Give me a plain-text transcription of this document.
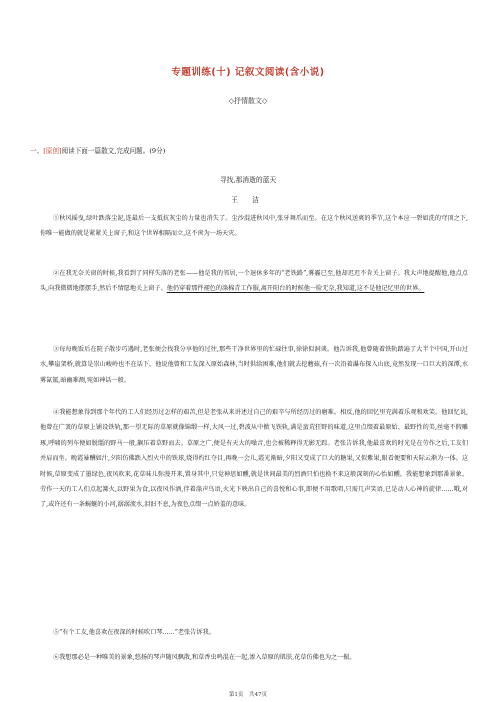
专题训练(十) 记叙文阅读(含小说)
◇抒情散文◇
一、[原创]阅读下面一篇散文,完成问题。(9分)
寻找,那消逝的蓝天
王 洁

①秋风摇曳,绿叶跌落尘泥,连最后一支抵抗灰尘的力量也消失了。尘沙混进秋风中,张牙舞爪而至。在这个秋风送爽的季节,这个本应一碧如洗的穹顶之下,你唯一能做的就是紧紧关上窗子,和这个世界相隔而立,这不啻为一场天灾。

②在我无奈关窗的时候,我看到了同样失落的老张——他是我的邻居,一个退休多年的“老铁路”,雾霾已至,他却迟迟不肯关上窗子。我大声地提醒他,他点点头,向我微微地摆摆手,然后不情愿地关上窗子。他仍穿着那件褪色的涤棉青工作服,离开阳台的时候他一脸无奈,我知道,这不是他记忆里的世界。

③每每晚饭后在院子散步巧遇时,老张便会找我分享他的过往,那些干净世界里的忙碌往事,徐徐似洞谈。他告诉我,他曾随着铁轨踏遍了大半个中国,开山过水,攀崖架桥,就算是崇山峻岭也不在话下。他说他曾和工友深入原始森林,当时供给困难,他们就去挖蘑菇,有一次沿着瀑布探入山底,竟然发现一口巨大的深潭,水雾氤氲,暗幽难测,宛如神话一般。

④我能想象得到那个年代的工人们经历过怎样的艰苦,但是老张从来讲述过自己的艰辛与所经历过的磨难。相反,他的回忆里充满着乐观和欢笑。他回忆说,他曾在广袤的草原上铺设铁轨,那一望无际的草原就像锦缎一样,大风一过,碧波从中掀飞铁轨,满是蛮荒狂野的味道,这里点缀着最原始、最野性的美,丝毫不假雕琢,呼啸的列车便如脱缰的野马一般,飙压着草野而去。草原之广,便是有天大的噪音,也会被稀释得无影无踪。老张告诉我,他最喜欢的时光是在劳作之后,工友们并肩而坐。晚霞暴酬如汁,夕阳仿佛跌入烈火中的铁球,烧得灼红夺目,再晚一会儿,霞光渐暗,夕阳又变成了巨大的糖果,又似紫果,眼看便要和天际云渐为一体。这时候,草原变成了墨绿色,夜风吹来,花草味儿弥漫开来,置身其中,只觉神思如醺,就是世间最美的烈酒只怕也换不来这般深刻的心怡如醺。我能想象到那番景象。劳作一天的工人们点起篝火,以野果为食,以夜风作酒,伴着涤声鸟语,火光下映出自己的喜悦和心事,即便不用歌唱,只需几声笑语,已是动人心神的旋律……哦,对了,或许还有一条蜿蜒的小河,潺潺流水,泪汩不息,为夜色点缀一点娇羞的意味。

⑤“有个工友,他喜欢在夜深的时候吹口琴……”老张告诉我。

⑥我想那必是一种唯美的景象,悠扬的琴声随风飘散,和草香虫鸣混在一起,渗入草原的肌肤,花草仿佛也为之一振。

第1页 共47页
